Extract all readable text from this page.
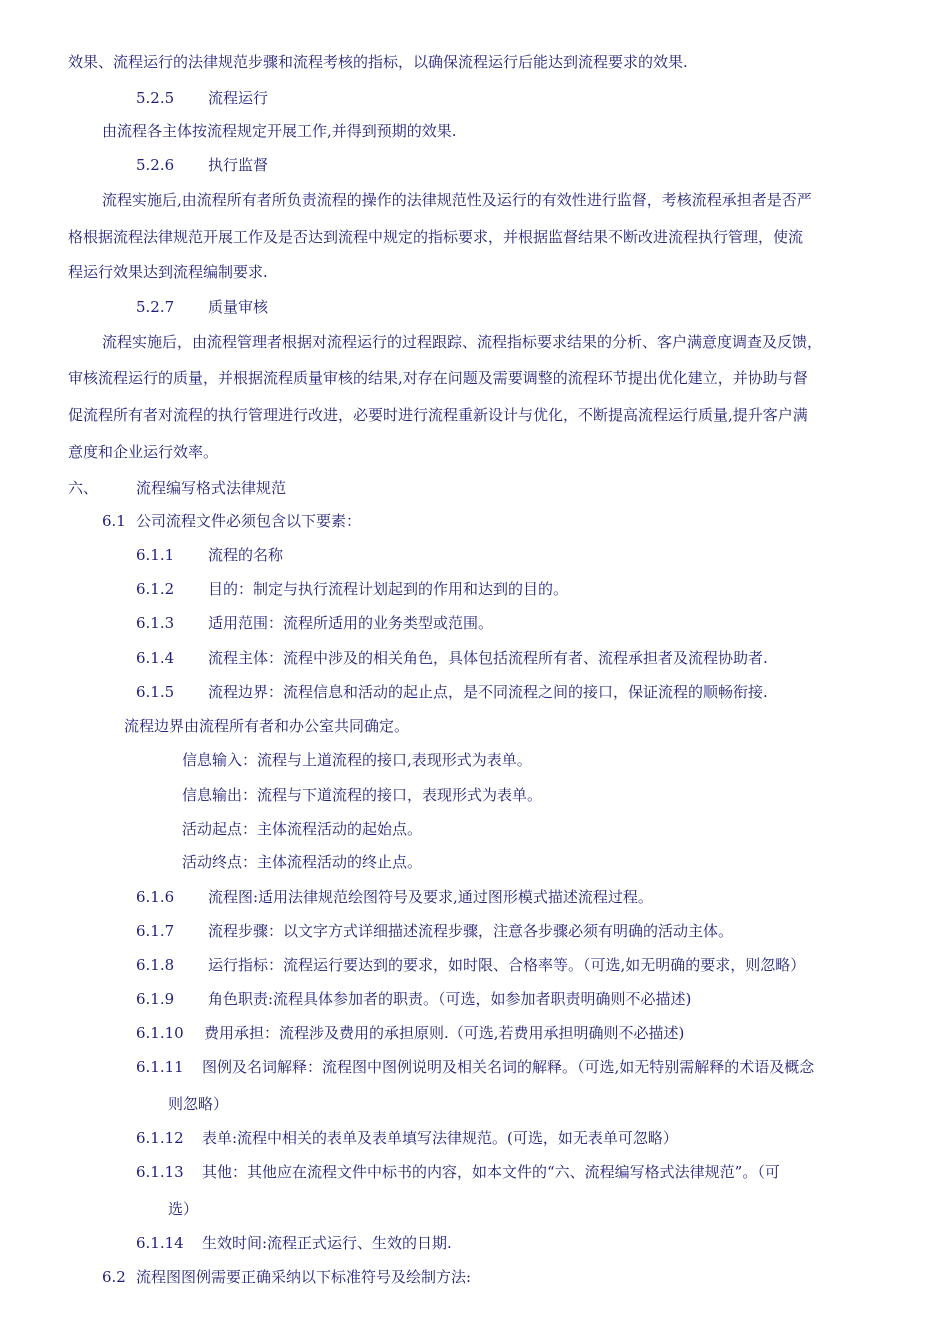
效果、流程运行的法律规范步骤和流程考核的指标，以确保流程运行后能达到流程要求的效果.
5.2.5 流程运行
由流程各主体按流程规定开展工作,并得到预期的效果.
5.2.6 执行监督
流程实施后,由流程所有者所负责流程的操作的法律规范性及运行的有效性进行监督，考核流程承担者是否严
格根据流程法律规范开展工作及是否达到流程中规定的指标要求，并根据监督结果不断改进流程执行管理，使流
程运行效果达到流程编制要求.
5.2.7 质量审核
流程实施后，由流程管理者根据对流程运行的过程跟踪、流程指标要求结果的分析、客户满意度调查及反馈，
审核流程运行的质量，并根据流程质量审核的结果,对存在问题及需要调整的流程环节提出优化建立，并协助与督
促流程所有者对流程的执行管理进行改进，必要时进行流程重新设计与优化，不断提高流程运行质量,提升客户满
意度和企业运行效率。
六、	流程编写格式法律规范
6.1 公司流程文件必须包含以下要素：
6.1.1 流程的名称
6.1.2 目的：制定与执行流程计划起到的作用和达到的目的。
6.1.3 适用范围：流程所适用的业务类型或范围。
6.1.4 流程主体：流程中涉及的相关角色，具体包括流程所有者、流程承担者及流程协助者.
6.1.5 流程边界：流程信息和活动的起止点，是不同流程之间的接口，保证流程的顺畅衔接.
流程边界由流程所有者和办公室共同确定。
信息输入：流程与上道流程的接口,表现形式为表单。
信息输出：流程与下道流程的接口，表现形式为表单。
活动起点：主体流程活动的起始点。
活动终点：主体流程活动的终止点。
6.1.6 流程图:适用法律规范绘图符号及要求,通过图形模式描述流程过程。
6.1.7 流程步骤：以文字方式详细描述流程步骤，注意各步骤必须有明确的活动主体。
6.1.8 运行指标：流程运行要达到的要求，如时限、合格率等。（可选,如无明确的要求，则忽略）
6.1.9 角色职责:流程具体参加者的职责。（可选，如参加者职责明确则不必描述)
6.1.10 费用承担：流程涉及费用的承担原则.（可选,若费用承担明确则不必描述)
6.1.11 图例及名词解释：流程图中图例说明及相关名词的解释。（可选,如无特别需解释的术语及概念
则忽略）
6.1.12 表单:流程中相关的表单及表单填写法律规范。(可选，如无表单可忽略）
6.1.13 其他：其他应在流程文件中标书的内容，如本文件的“六、流程编写格式法律规范”。（可
选）
6.1.14 生效时间:流程正式运行、生效的日期.
6.2 流程图图例需要正确采纳以下标准符号及绘制方法:
